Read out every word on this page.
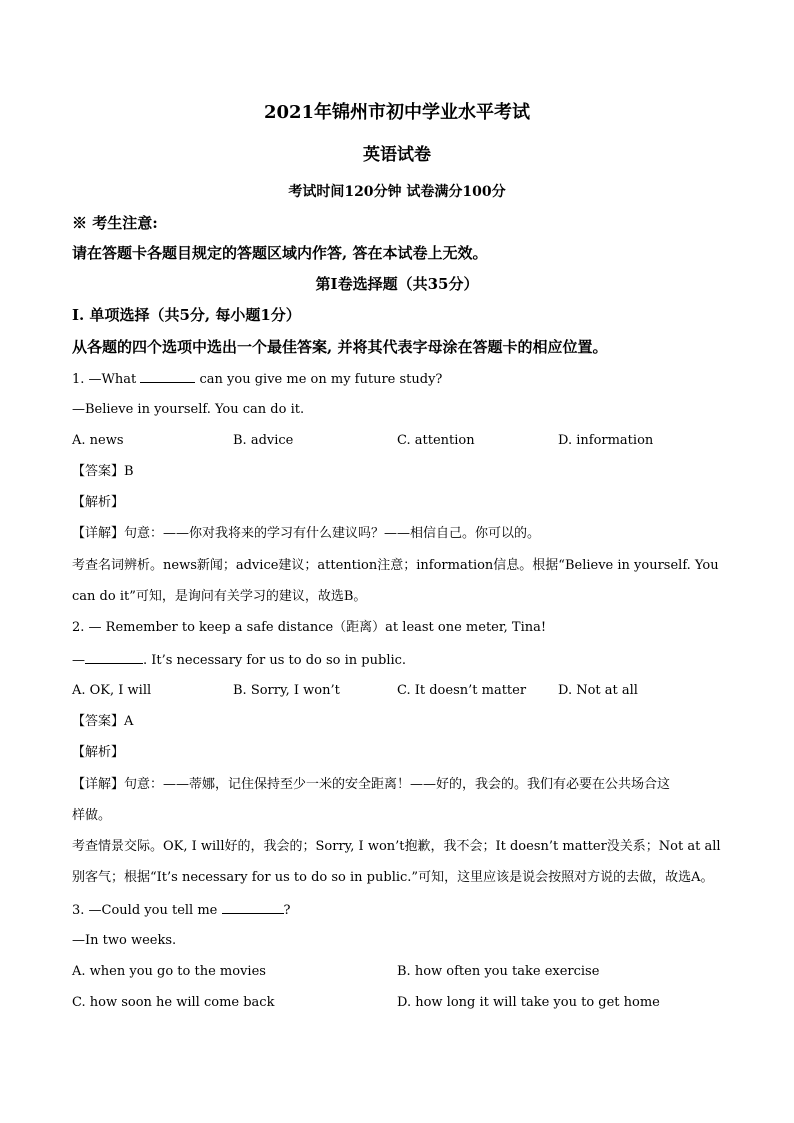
2021年锦州市初中学业水平考试
英语试卷
考试时间120分钟 试卷满分100分
※ 考生注意:
请在答题卡各题目规定的答题区域内作答, 答在本试卷上无效。
第I卷选择题（共35分）
I. 单项选择（共5分, 每小题1分）
从各题的四个选项中选出一个最佳答案, 并将其代表字母涂在答题卡的相应位置。
1. —What	can you give me on my future study?
—Believe in yourself. You can do it.
A. news	B. advice	C. attention	D. information
【答案】B
【解析】
【详解】句意：——你对我将来的学习有什么建议吗？——相信自己。你可以的。
考查名词辨析。news新闻；advice建议；attention注意；information信息。根据“Believe in yourself. You
can do it”可知，是询问有关学习的建议，故选B。
2. — Remember to keep a safe distance（距离）at least one meter, Tina!
—	. It’s necessary for us to do so in public.
A. OK, I will	B. Sorry, I won’t	C. It doesn’t matter D. Not at all
【答案】A
【解析】
【详解】句意：——蒂娜，记住保持至少一米的安全距离！——好的，我会的。我们有必要在公共场合这
样做。
考查情景交际。OK, I will好的，我会的；Sorry, I won’t抱歉，我不会；It doesn’t matter没关系；Not at all
别客气；根据“It’s necessary for us to do so in public.”可知，这里应该是说会按照对方说的去做，故选A。
3. —Could you tell me	?
—In two weeks.
A. when you go to the movies	B. how often you take exercise
C. how soon he will come back	D. how long it will take you to get home
